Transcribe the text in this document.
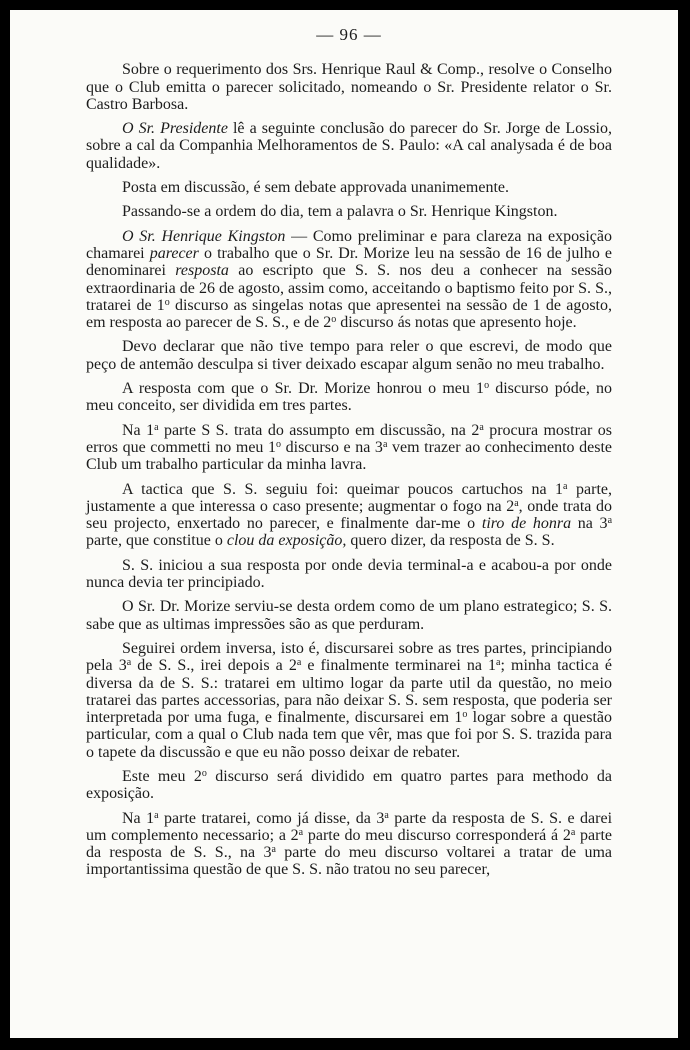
— 96 —

Sobre o requerimento dos Srs. Henrique Raul & Comp., resolve o Conselho que o Club emitta o parecer solicitado, nomeando o Sr. Presidente relator o Sr. Castro Barbosa.

O Sr. Presidente lê a seguinte conclusão do parecer do Sr. Jorge de Lossio, sobre a cal da Companhia Melhoramentos de S. Paulo: «A cal analysada é de boa qualidade».

Posta em discussão, é sem debate approvada unanimemente.

Passando-se a ordem do dia, tem a palavra o Sr. Henrique Kingston.

O Sr. Henrique Kingston — Como preliminar e para clareza na exposição chamarei parecer o trabalho que o Sr. Dr. Morize leu na sessão de 16 de julho e denominarei resposta ao escripto que S. S. nos deu a conhecer na sessão extraordinaria de 26 de agosto, assim como, acceitando o baptismo feito por S. S., tratarei de 1$^o$ discurso as singelas notas que apresentei na sessão de 1 de agosto, em resposta ao parecer de S. S., e de 2$^o$ discurso ás notas que apresento hoje.

Devo declarar que não tive tempo para reler o que escrevi, de modo que peço de antemão desculpa si tiver deixado escapar algum senão no meu trabalho.

A resposta com que o Sr. Dr. Morize honrou o meu 1$^o$ discurso póde, no meu conceito, ser dividida em tres partes.

Na 1$^a$ parte S S. trata do assumpto em discussão, na 2$^a$ procura mostrar os erros que commetti no meu 1$^o$ discurso e na 3$^a$ vem trazer ao conhecimento deste Club um trabalho particular da minha lavra.

A tactica que S. S. seguiu foi: queimar poucos cartuchos na 1$^a$ parte, justamente a que interessa o caso presente; augmentar o fogo na 2$^a$, onde trata do seu projecto, enxertado no parecer, e finalmente dar-me o tiro de honra na 3$^a$ parte, que constitue o clou da exposição, quero dizer, da resposta de S. S.

S. S. iniciou a sua resposta por onde devia terminal-a e acabou-a por onde nunca devia ter principiado.

O Sr. Dr. Morize serviu-se desta ordem como de um plano estrategico; S. S. sabe que as ultimas impressões são as que perduram.

Seguirei ordem inversa, isto é, discursarei sobre as tres partes, principiando pela 3$^a$ de S. S., irei depois a 2$^a$ e finalmente terminarei na 1$^a$; minha tactica é diversa da de S. S.: tratarei em ultimo logar da parte util da questão, no meio tratarei das partes accessorias, para não deixar S. S. sem resposta, que poderia ser interpretada por uma fuga, e finalmente, discursarei em 1$^o$ logar sobre a questão particular, com a qual o Club nada tem que vêr, mas que foi por S. S. trazida para o tapete da discussão e que eu não posso deixar de rebater.

Este meu 2$^o$ discurso será dividido em quatro partes para methodo da exposição.

Na 1$^a$ parte tratarei, como já disse, da 3$^a$ parte da resposta de S. S. e darei um complemento necessario; a 2$^a$ parte do meu discurso corresponderá á 2$^a$ parte da resposta de S. S., na 3$^a$ parte do meu discurso voltarei a tratar de uma importantissima questão de que S. S. não tratou no seu parecer,
